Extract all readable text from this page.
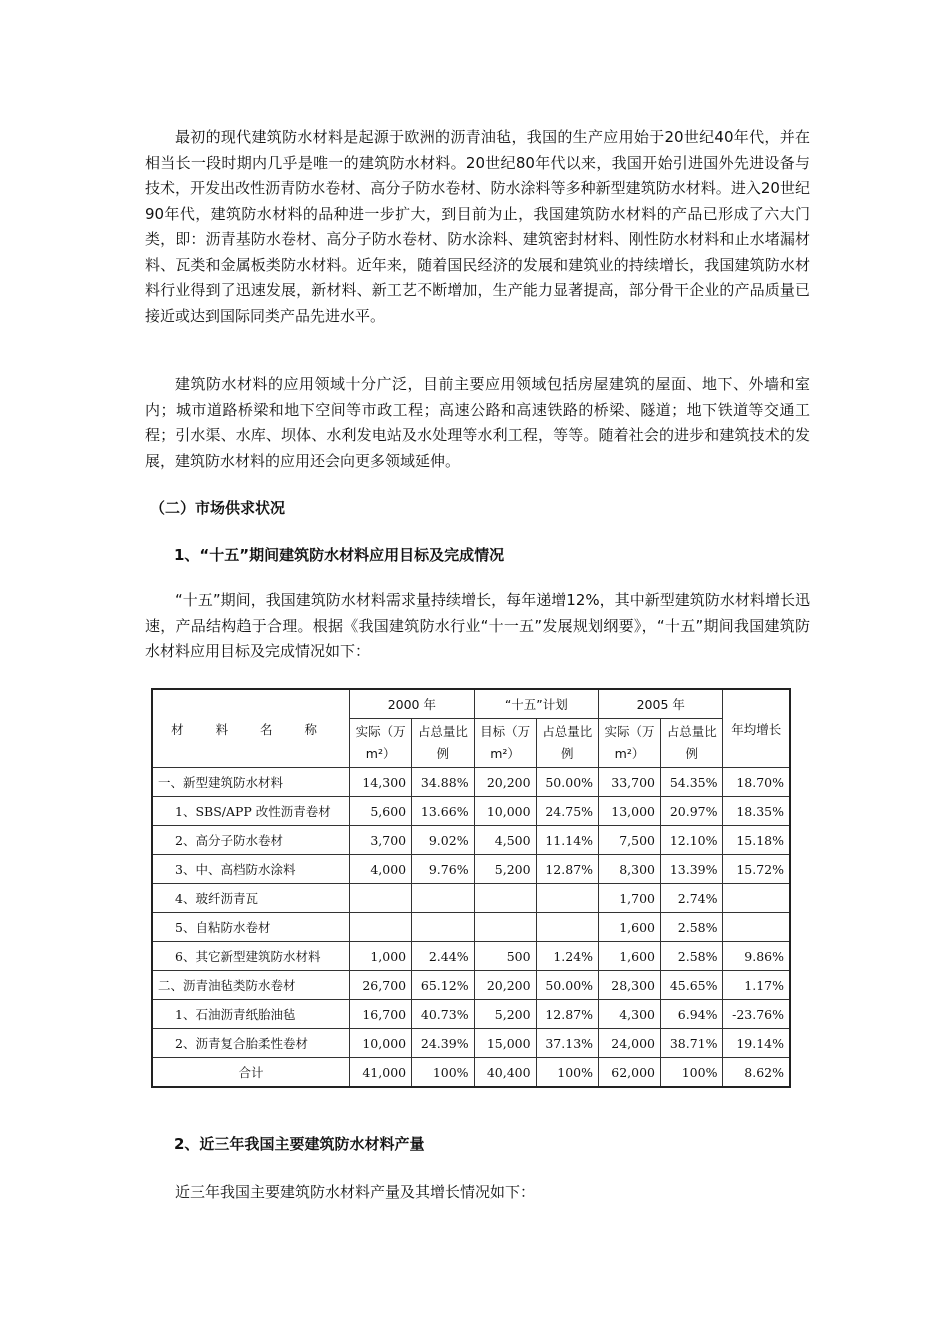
最初的现代建筑防水材料是起源于欧洲的沥青油毡，我国的生产应用始于20世纪40年代，并在相当长一段时期内几乎是唯一的建筑防水材料。20世纪80年代以来，我国开始引进国外先进设备与技术，开发出改性沥青防水卷材、高分子防水卷材、防水涂料等多种新型建筑防水材料。进入20世纪90年代，建筑防水材料的品种进一步扩大，到目前为止，我国建筑防水材料的产品已形成了六大门类，即：沥青基防水卷材、高分子防水卷材、防水涂料、建筑密封材料、刚性防水材料和止水堵漏材料、瓦类和金属板类防水材料。近年来，随着国民经济的发展和建筑业的持续增长，我国建筑防水材料行业得到了迅速发展，新材料、新工艺不断增加，生产能力显著提高，部分骨干企业的产品质量已接近或达到国际同类产品先进水平。

建筑防水材料的应用领域十分广泛，目前主要应用领域包括房屋建筑的屋面、地下、外墙和室内；城市道路桥梁和地下空间等市政工程；高速公路和高速铁路的桥梁、隧道；地下铁道等交通工程；引水渠、水库、坝体、水利发电站及水处理等水利工程，等等。随着社会的进步和建筑技术的发展，建筑防水材料的应用还会向更多领域延伸。

（二）市场供求状况

1、“十五”期间建筑防水材料应用目标及完成情况

“十五”期间，我国建筑防水材料需求量持续增长，每年递增12%，其中新型建筑防水材料增长迅速，产品结构趋于合理。根据《我国建筑防水行业“十一五”发展规划纲要》，“十五”期间我国建筑防水材料应用目标及完成情况如下：

材 料 名 称	2000 年		“十五”计划		2005 年		年均增长
	实际（万 m²）	占总量比例	目标（万 m²）	占总量比例	实际（万 m²）	占总量比例	
一、新型建筑防水材料	14,300	34.88%	20,200	50.00%	33,700	54.35%	18.70%
1、SBS/APP 改性沥青卷材	5,600	13.66%	10,000	24.75%	13,000	20.97%	18.35%
2、高分子防水卷材	3,700	9.02%	4,500	11.14%	7,500	12.10%	15.18%
3、中、高档防水涂料	4,000	9.76%	5,200	12.87%	8,300	13.39%	15.72%
4、玻纤沥青瓦					1,700	2.74%	
5、自粘防水卷材					1,600	2.58%	
6、其它新型建筑防水材料	1,000	2.44%	500	1.24%	1,600	2.58%	9.86%
二、沥青油毡类防水卷材	26,700	65.12%	20,200	50.00%	28,300	45.65%	1.17%
1、石油沥青纸胎油毡	16,700	40.73%	5,200	12.87%	4,300	6.94%	-23.76%
2、沥青复合胎柔性卷材	10,000	24.39%	15,000	37.13%	24,000	38.71%	19.14%
合计	41,000	100%	40,400	100%	62,000	100%	8.62%

2、近三年我国主要建筑防水材料产量

近三年我国主要建筑防水材料产量及其增长情况如下：
